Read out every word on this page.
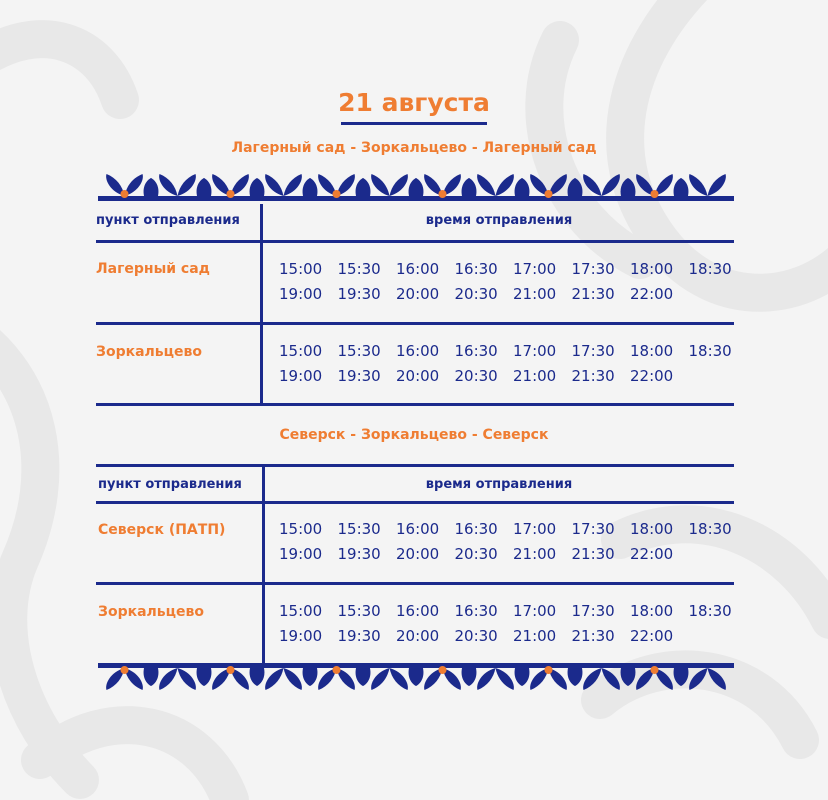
21 августа
Лагерный сад - Зоркальцево - Лагерный сад
пункт отправления	время отправления
Лагерный сад	15:00	15:30	16:00	16:30	17:00	17:30	18:00	18:30
19:00	19:30	20:00	20:30	21:00	21:30	22:00
Зоркальцево	15:00	15:30	16:00	16:30	17:00	17:30	18:00	18:30
19:00	19:30	20:00	20:30	21:00	21:30	22:00
Северск - Зоркальцево - Северск
пункт отправления	время отправления
Северск (ПАТП)	15:00	15:30	16:00	16:30	17:00	17:30	18:00	18:30
19:00	19:30	20:00	20:30	21:00	21:30	22:00
Зоркальцево	15:00	15:30	16:00	16:30	17:00	17:30	18:00	18:30
19:00	19:30	20:00	20:30	21:00	21:30	22:00
